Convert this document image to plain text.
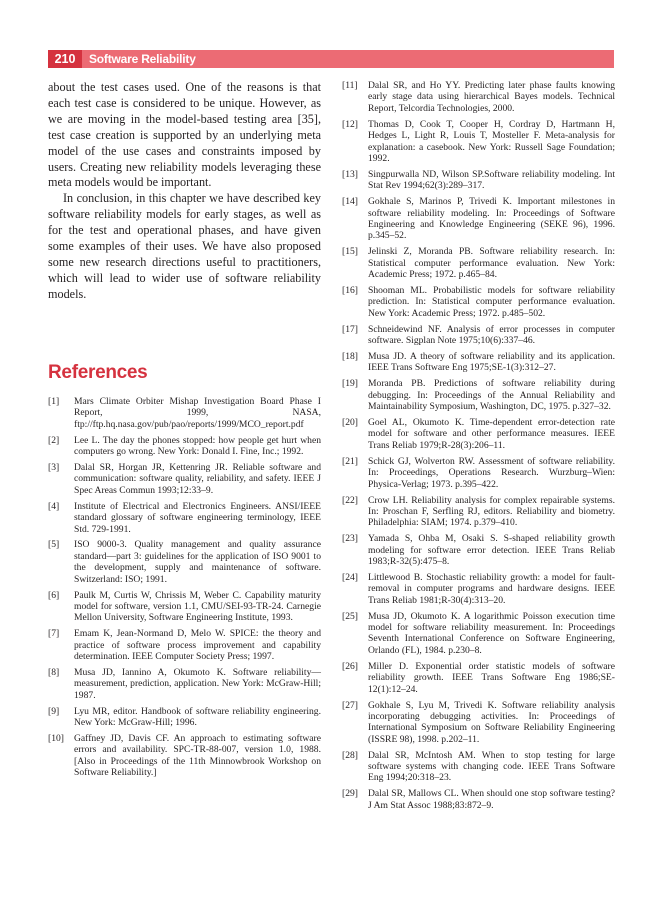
210	Software Reliability

about the test cases used. One of the reasons is that each test case is considered to be unique. However, as we are moving in the model-based testing area [35], test case creation is supported by an underlying meta model of the use cases and constraints imposed by users. Creating new reliability models leveraging these meta models would be important.

In conclusion, in this chapter we have described key software reliability models for early stages, as well as for the test and operational phases, and have given some examples of their uses. We have also proposed some new research directions useful to practitioners, which will lead to wider use of software reliability models.

References
[1]	Mars Climate Orbiter Mishap Investigation Board Phase I Report, 1999, NASA, ftp://ftp.hq.nasa.gov/pub/pao/reports/1999/MCO_report.pdf
[2]	Lee L. The day the phones stopped: how people get hurt when computers go wrong. New York: Donald I. Fine, Inc.; 1992.
[3]	Dalal SR, Horgan JR, Kettenring JR. Reliable software and communication: software quality, reliability, and safety. IEEE J Spec Areas Commun 1993;12:33–9.
[4]	Institute of Electrical and Electronics Engineers. ANSI/IEEE standard glossary of software engineering terminology, IEEE Std. 729-1991.
[5]	ISO 9000-3. Quality management and quality assurance standard—part 3: guidelines for the application of ISO 9001 to the development, supply and maintenance of software. Switzerland: ISO; 1991.
[6]	Paulk M, Curtis W, Chrissis M, Weber C. Capability maturity model for software, version 1.1, CMU/SEI-93-TR-24. Carnegie Mellon University, Software Engineering Institute, 1993.
[7]	Emam K, Jean-Normand D, Melo W. SPICE: the theory and practice of software process improvement and capability determination. IEEE Computer Society Press; 1997.
[8]	Musa JD, Iannino A, Okumoto K. Software reliability—measurement, prediction, application. New York: McGraw-Hill; 1987.
[9]	Lyu MR, editor. Handbook of software reliability engineering. New York: McGraw-Hill; 1996.
[10]	Gaffney JD, Davis CF. An approach to estimating software errors and availability. SPC-TR-88-007, version 1.0, 1988. [Also in Proceedings of the 11th Minnowbrook Workshop on Software Reliability.]
[11]	Dalal SR, and Ho YY. Predicting later phase faults knowing early stage data using hierarchical Bayes models. Technical Report, Telcordia Technologies, 2000.
[12]	Thomas D, Cook T, Cooper H, Cordray D, Hartmann H, Hedges L, Light R, Louis T, Mosteller F. Meta-analysis for explanation: a casebook. New York: Russell Sage Foundation; 1992.
[13]	Singpurwalla ND, Wilson SP.Software reliability modeling. Int Stat Rev 1994;62(3):289–317.
[14]	Gokhale S, Marinos P, Trivedi K. Important milestones in software reliability modeling. In: Proceedings of Software Engineering and Knowledge Engineering (SEKE 96), 1996. p.345–52.
[15]	Jelinski Z, Moranda PB. Software reliability research. In: Statistical computer performance evaluation. New York: Academic Press; 1972. p.465–84.
[16]	Shooman ML. Probabilistic models for software reliability prediction. In: Statistical computer performance evaluation. New York: Academic Press; 1972. p.485–502.
[17]	Schneidewind NF. Analysis of error processes in computer software. Sigplan Note 1975;10(6):337–46.
[18]	Musa JD. A theory of software reliability and its application. IEEE Trans Software Eng 1975;SE-1(3):312–27.
[19]	Moranda PB. Predictions of software reliability during debugging. In: Proceedings of the Annual Reliability and Maintainability Symposium, Washington, DC, 1975. p.327–32.
[20]	Goel AL, Okumoto K. Time-dependent error-detection rate model for software and other performance measures. IEEE Trans Reliab 1979;R-28(3):206–11.
[21]	Schick GJ, Wolverton RW. Assessment of software reliability. In: Proceedings, Operations Research. Wurzburg–Wien: Physica-Verlag; 1973. p.395–422.
[22]	Crow LH. Reliability analysis for complex repairable systems. In: Proschan F, Serfling RJ, editors. Reliability and biometry. Philadelphia: SIAM; 1974. p.379–410.
[23]	Yamada S, Ohba M, Osaki S. S-shaped reliability growth modeling for software error detection. IEEE Trans Reliab 1983;R-32(5):475–8.
[24]	Littlewood B. Stochastic reliability growth: a model for fault-removal in computer programs and hardware designs. IEEE Trans Reliab 1981;R-30(4):313–20.
[25]	Musa JD, Okumoto K. A logarithmic Poisson execution time model for software reliability measurement. In: Proceedings Seventh International Conference on Software Engineering, Orlando (FL), 1984. p.230–8.
[26]	Miller D. Exponential order statistic models of software reliability growth. IEEE Trans Software Eng 1986;SE-12(1):12–24.
[27]	Gokhale S, Lyu M, Trivedi K. Software reliability analysis incorporating debugging activities. In: Proceedings of International Symposium on Software Reliability Engineering (ISSRE 98), 1998. p.202–11.
[28]	Dalal SR, McIntosh AM. When to stop testing for large software systems with changing code. IEEE Trans Software Eng 1994;20:318–23.
[29]	Dalal SR, Mallows CL. When should one stop software testing? J Am Stat Assoc 1988;83:872–9.
